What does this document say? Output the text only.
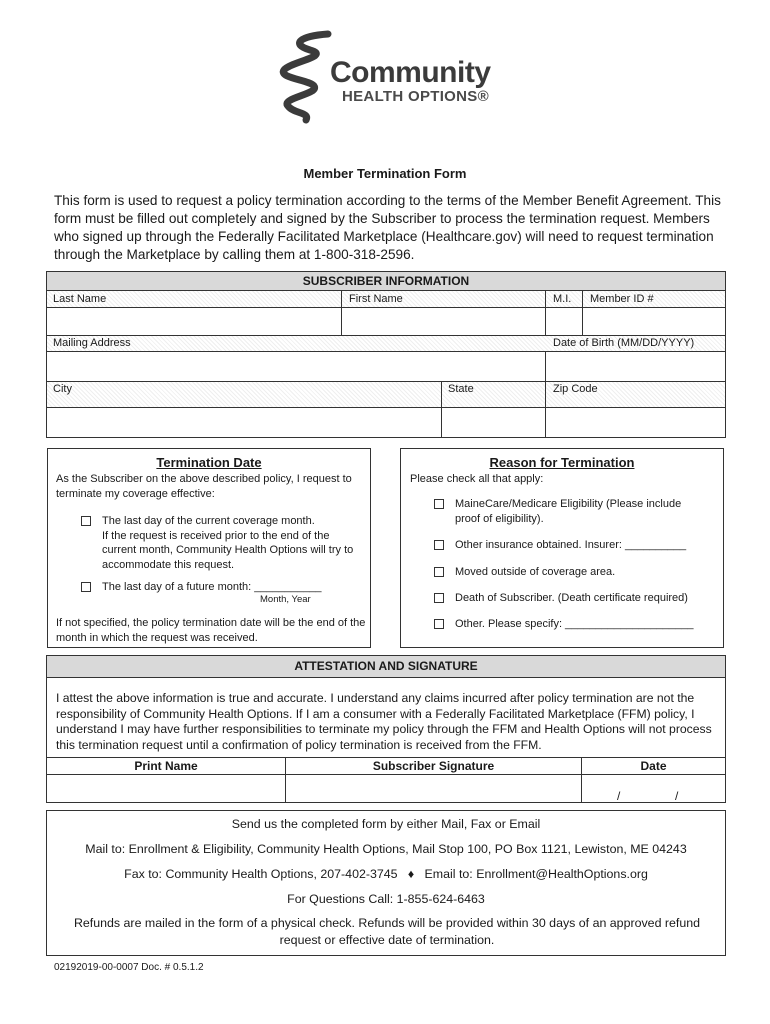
Community
HEALTH OPTIONS®
Member Termination Form
This form is used to request a policy termination according to the terms of the Member Benefit Agreement. This form must be filled out completely and signed by the Subscriber to process the termination request. Members who signed up through the Federally Facilitated Marketplace (Healthcare.gov) will need to request termination through the Marketplace by calling them at 1-800-318-2596.
SUBSCRIBER INFORMATION
Last Name	First Name	M.I. Member ID #
Mailing Address	Date of Birth (MM/DD/YYYY)
City	State	Zip Code
Termination Date
As the Subscriber on the above described policy, I request to terminate my coverage effective:
The last day of the current coverage month.
If the request is received prior to the end of the current month, Community Health Options will try to accommodate this request.
The last day of a future month: ___________
Month, Year
If not specified, the policy termination date will be the end of the month in which the request was received.
Reason for Termination
Please check all that apply:
MaineCare/Medicare Eligibility (Please include proof of eligibility).
Other insurance obtained. Insurer: __________
Moved outside of coverage area.
Death of Subscriber. (Death certificate required)
Other. Please specify: _____________________
ATTESTATION AND SIGNATURE
I attest the above information is true and accurate. I understand any claims incurred after policy termination are not the responsibility of Community Health Options. If I am a consumer with a Federally Facilitated Marketplace (FFM) policy, I understand I may have further responsibilities to terminate my policy through the FFM and Health Options will not process this termination request until a confirmation of policy termination is received from the FFM.
Print Name	Subscriber Signature	Date
/	/
Send us the completed form by either Mail, Fax or Email
Mail to: Enrollment & Eligibility, Community Health Options, Mail Stop 100, PO Box 1121, Lewiston, ME 04243
Fax to: Community Health Options, 207-402-3745 ♦ Email to: Enrollment@HealthOptions.org
For Questions Call: 1-855-624-6463
Refunds are mailed in the form of a physical check. Refunds will be provided within 30 days of an approved refund request or effective date of termination.
02192019-00-0007 Doc. # 0.5.1.2
